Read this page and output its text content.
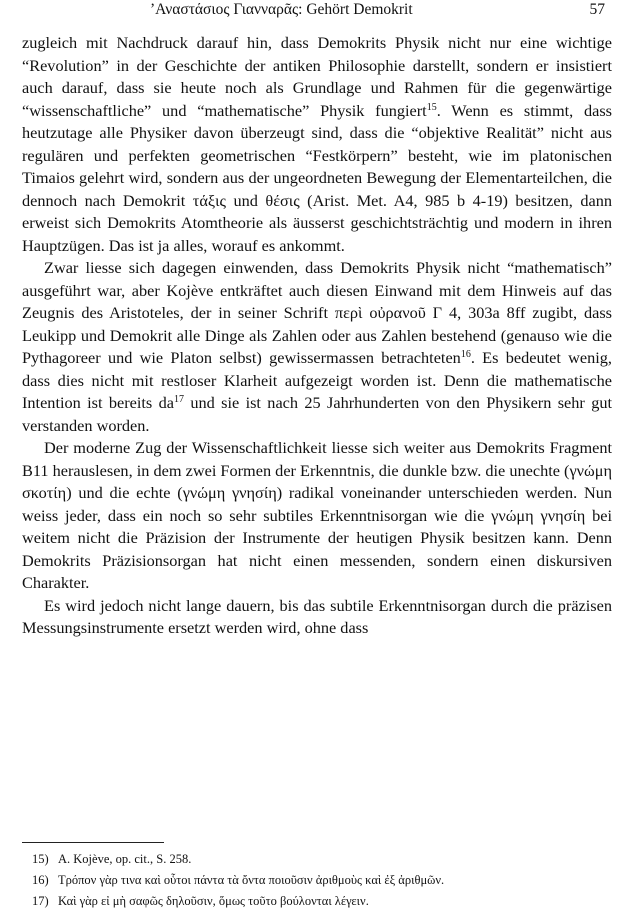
’Αναστάσιος Γιανναρᾶς: Gehört Demokrit	57

zugleich mit Nachdruck darauf hin, dass Demokrits Physik nicht nur eine wichtige “Revolution” in der Geschichte der antiken Philosophie darstellt, sondern er insistiert auch darauf, dass sie heute noch als Grundlage und Rahmen für die gegenwärtige “wissenschaftliche” und “mathematische” Physik fungiert$^{15}$. Wenn es stimmt, dass heutzutage alle Physiker davon überzeugt sind, dass die “objektive Realität” nicht aus regulären und perfekten geometrischen “Festkörpern” besteht, wie im platonischen Timaios gelehrt wird, sondern aus der ungeordneten Bewegung der Elementarteilchen, die dennoch nach Demokrit τάξις und θέσις (Arist. Met. A4, 985 b 4-19) besitzen, dann erweist sich Demokrits Atomtheorie als äusserst geschichtsträchtig und modern in ihren Hauptzügen. Das ist ja alles, worauf es ankommt.

Zwar liesse sich dagegen einwenden, dass Demokrits Physik nicht “mathematisch” ausgeführt war, aber Kojève entkräftet auch diesen Einwand mit dem Hinweis auf das Zeugnis des Aristoteles, der in seiner Schrift περὶ οὐρανοῦ Γ 4, 303a 8ff zugibt, dass Leukipp und Demokrit alle Dinge als Zahlen oder aus Zahlen bestehend (genauso wie die Pythagoreer und wie Platon selbst) gewissermassen betrachteten$^{16}$. Es bedeutet wenig, dass dies nicht mit restloser Klarheit aufgezeigt worden ist. Denn die mathematische Intention ist bereits $da^{17}$ und sie ist nach 25 Jahrhunderten von den Physikern sehr gut verstanden worden.

Der moderne Zug der Wissenschaftlichkeit liesse sich weiter aus Demokrits Fragment B11 herauslesen, in dem zwei Formen der Erkenntnis, die dunkle bzw. die unechte (γνώμη σκοτίη) und die echte (γνώμη γνησίη) radikal voneinander unterschieden werden. Nun weiss jeder, dass ein noch so sehr subtiles Erkenntnisorgan wie die γνώμη γνησίη bei weitem nicht die Präzision der Instrumente der heutigen Physik besitzen kann. Denn Demokrits Präzisionsorgan hat nicht einen messenden, sondern einen diskursiven Charakter.

Es wird jedoch nicht lange dauern, bis das subtile Erkenntnisorgan durch die präzisen Messungsinstrumente ersetzt werden wird, ohne dass

15) A. Kojève, op. cit., S. 258.
16) Τρόπον γὰρ τινα καὶ οὗτοι πάντα τὰ ὄντα ποιοῦσιν ἀριθμοὺς καὶ ἐξ ἀριθμῶν.
17) Καὶ γὰρ εἰ μὴ σαφῶς δηλοῦσιν, ὅμως τοῦτο βούλονται λέγειν.
